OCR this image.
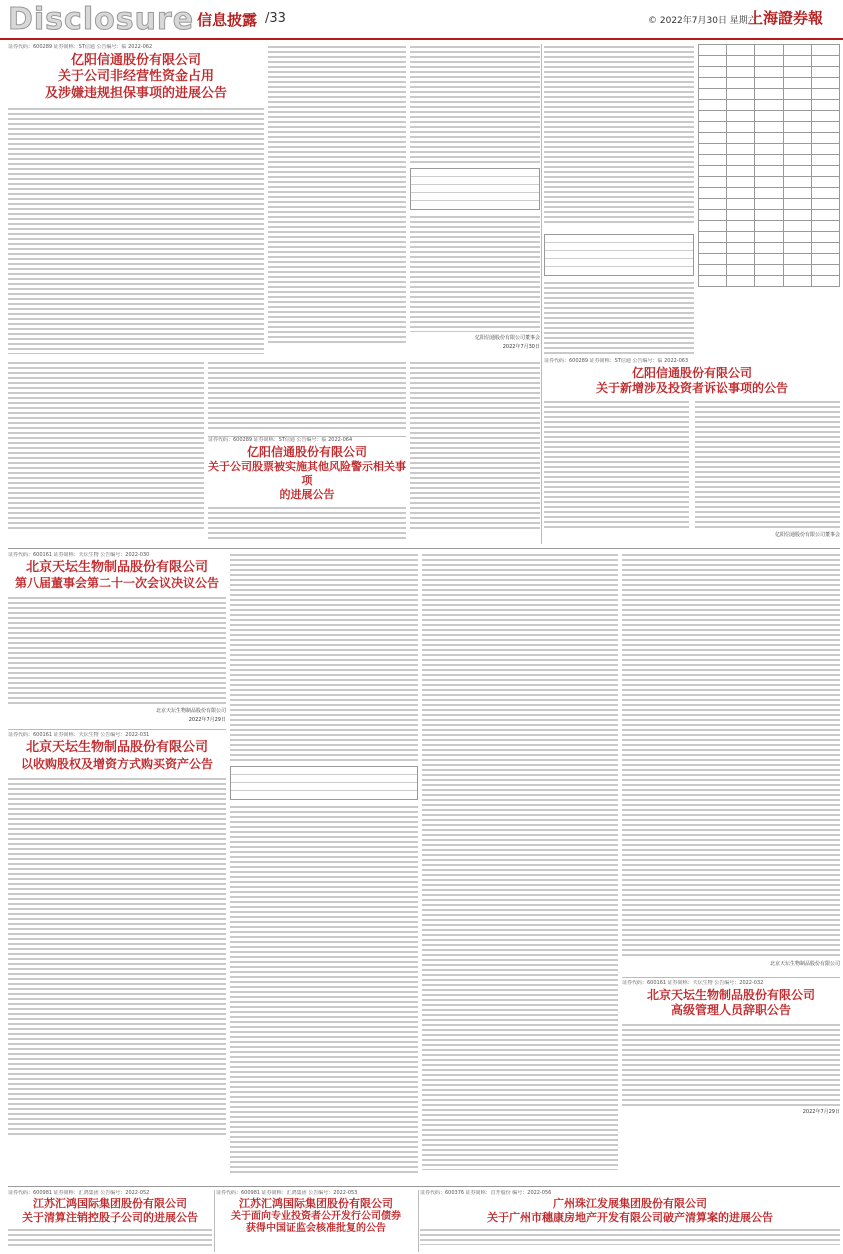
Disclosure 信息披露 /33	© 2022年7月30日 星期六
上海證券報
证券代码：600289 证券简称：ST信通 公告编号：临 2022-062
亿阳信通股份有限公司
关于公司非经营性资金占用
及涉嫌违规担保事项的进展公告
亿阳信通股份有限公司董事会
2022年7月30日
证券代码：600289 证券简称：ST信通 公告编号：临 2022-064
亿阳信通股份有限公司
关于公司股票被实施其他风险警示相关事项
的进展公告
证券代码：600289 证券简称：ST信通 公告编号：临 2022-063
亿阳信通股份有限公司
关于新增涉及投资者诉讼事项的公告
亿阳信通股份有限公司董事会

证券代码：600161 证券简称：天坛生物 公告编号：2022-030
北京天坛生物制品股份有限公司
第八届董事会第二十一次会议决议公告
北京天坛生物制品股份有限公司
2022年7月29日
证券代码：600161 证券简称：天坛生物 公告编号：2022-031
北京天坛生物制品股份有限公司
以收购股权及增资方式购买资产公告
北京天坛生物制品股份有限公司
证券代码：600161 证券简称：天坛生物 公告编号：2022-032
北京天坛生物制品股份有限公司
高级管理人员辞职公告
2022年7月29日
证券代码：600981 证券简称：汇鸿集团 公告编号：2022-052
江苏汇鸿国际集团股份有限公司
关于清算注销控股子公司的进展公告
证券代码：600981 证券简称：汇鸿集团 公告编号：2022-053
江苏汇鸿国际集团股份有限公司
关于面向专业投资者公开发行公司债券
获得中国证监会核准批复的公告
证券代码：600376 证券简称：首开股份 编号：2022-056
广州珠江发展集团股份有限公司
关于广州市穗康房地产开发有限公司破产清算案的进展公告
